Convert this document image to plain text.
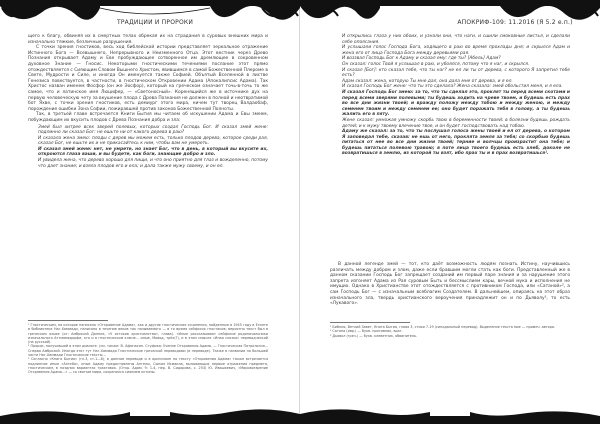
ТРАДИЦИИ И ПРОРОКИ

щего к благу, обвиняя их в смертных телах обрекая их на страдания в суровых внешних мира и изначально тяжкие, безличные разрушения.

С точки зрения гностиков, весь ход библейской истории представляет зеркальное отражение Истинного Бога — Всевышнего, Непрерывного и Неизменного Отца. Этот вестник через Древо Познания открывает Адаму и Еве пробуждающее сотворенное им дремлющее в сокровенном духовное Знание — Гносис. Некоторыми гностическими течениями послание этот прямо отождествляется с Сияющим Словом Вышнего Христом, явившимся в самой Божественной Плероме в Свете, Мудрости и Силе, и иногда Он именуется также Софией. Объятый Вселенной в листве Генезиса повествуется, в частности, в гностическом Откровении Адама (Апокалипсис Адама). Так Христос назван именем Фосфор (он же Эосфор), который на греческом означает точь-в-точь то же самое, что и латинское имя Люцифер, — «Светоносный». Коренящийся же в источнике дух на первую человеческую чету за вкушение плода с Древа Познания не должен в полной и неотвратимой бот Яхве, с точки зрения гностиков, есть демиург этого мира, ничем тут творец Валдаобаф, порождение ошибки Зона Софии, пожиравшей против законов Божественной Полноты.

Так, в третьей главе встречается Книги Бытия мы читаем об искушении Адама и Евы змеем, побуждающим их вкусить плодов с Древа Познания добра и зла:

Змей был хитрее всех зверей полевых, которых создал Господь Бог. И сказал змей жене: подлинно ли сказал Бог: не ешьте ни от какого дерева в раю?

И сказала жена змею: плоды с дерев мы можем есть, только плодов дерева, которое среди рая, сказал Бог, не ешьте их и не прикасайтесь к ним, чтобы вам не умереть.

И сказал змей жене: нет, не умрете, но знает Бог, что в день, в который вы вкусите их, откроются глаза ваши, и вы будете, как боги, знающие добро и зло.

И увидела жена, что дерево хорошо для пищи, и что оно приятно для глаз и вожделенно, потому что дает знание; и взяла плодов его и ела; и дала также мужу своему, и он ел.

¹ Гностическим, на которое написано «Откровение Адама», как и другие гностические сочинения, найденные в 1945 году в Египте в библиотеке Наг-Хаммади, написано в течение веков так называемого — в то время сейфских гностиков; вероятно текст был в греческом языке (от: Амбросий Донних, «У истоков христианства», глава). «Иные рассказывают сейфские родоначальники изначального Аттмамедорфи, кто и в гностическом ключе… иные, Мовод, трёх(?), и в этом смысле «Иная сказка» переводческий (на русский).

² Пророк, получивший в этом диалоге. (см. также: В. Афонасин. Стуфика: Учение Откровения Адама. — Гностическая Патрология… Сперва Амброзий. Иногда этот тут Наг-Хаммади Гностические греческой переводами (в переводе). Также в названии по большей части Наг-Хаммади Гностические тексты…

³ Согласно «Книга Бытия» (гл.3, ст.1—6), в данном переводе и в оригинале по тексту «Откровения Адама» также встречается подлинное иные «Аэтейа», иные Адаму предоставлены Ангелы, Сыном Исмаила, вызывающих первые отражения предмета, гностическим, в поздних вариантах трактовок. (Откр. Адам. 9: 1-4, пер. В. Сидорова, с. 253) Ю. Ивашкевич, «Мировоззрение Откровения Адама…» — со святым мира, сохранился сиянием истины.

152
АПОКРИФ-109: 11.2016 (Я 5.2 е.п.)

И открылись глаза у них обоих, и узнали они, что наги, и сшили смоковные листья, и сделали себе опоясания.

И услышали голос Господа Бога, ходящего в раю во время прохлады дня; и скрылся Адам и жена его от лица Господа Бога между деревьями рая.

И воззвал Господь Бог к Адаму и сказал ему: где ты? [Абель] Адам?

Он сказал: голос Твой я услышал в раю, и убоялся, потому что я наг, и скрылся.

И сказал [Бог]: кто сказал тебе, что ты наг? не ел ли ты от дерева, с которого Я запретил тебе есть?

Адам сказал: жена, которую Ты мне дал, она дала мне от дерева, и я ел.

И сказал Господь Бог жене: что ты это сделала? Жена сказала: змей обольстил меня, и я ела.

И сказал Господь Бог змею: за то, что ты сделал это, проклят ты перед всеми скотами и перед всеми зверями полевыми; ты будешь ходить на чреве твоем, и будешь есть прах во все дни жизни твоей; и вражду положу между тобою и между женою, и между семенем твоим и между семенем ее; оно будет поражать тебя в голову, а ты будешь жалить его в пяту.

Жене сказал: умножая умножу скорбь твою в беременности твоей; в болезни будешь рождать детей; и к мужу твоему влечение твое, и он будет господствовать над тобою.

Адаму же сказал: за то, что ты послушал голоса жены твоей и ел от дерева, о котором Я заповедал тебе, сказав: не ешь от него, проклята земля за тебя; со скорбью будешь питаться от нее во все дни жизни твоей; терние и волчцы произрастит она тебе; и будешь питаться полевою травою; в поте лица твоего будешь есть хлеб, доколе не возвратишься в землю, из которой ты взят, ибо прах ты и в прах возвратишься¹.

В данной легенде змей — тот, кто даёт возможность людям познать Истину, научившись различать между добром и злом, даже если бравшим могли стать как боги. Представленный же в данном сказании Господь Бог запрещает созданий им первый паре знания и за нарушение этого запрета изгоняет Адама из Рая суровым Быть и бессмыслием кары, вечной мука и исполнения не имущих. Однако в Христианстве этот отождествляется с противником Господа, или «Сатаной»², а сам Господь Бог — с изначальным всеблагим Создателем. В дальнейшем, опираясь на этот образ изначального зла, твердь христианского вероучения принадлежит он и по Дьяволу³, то есть «Лукавого».

¹ Библия, Ветхий Завет, Книга Бытия, глава 3, стихи 7-19 (синодальный перевод). Выделение текста мое — примеч. автора.

² Сатана (ивр.) — букв. противник, враг.

³ Дьявол (греч.) — букв. клеветник, обвинитель.

153
